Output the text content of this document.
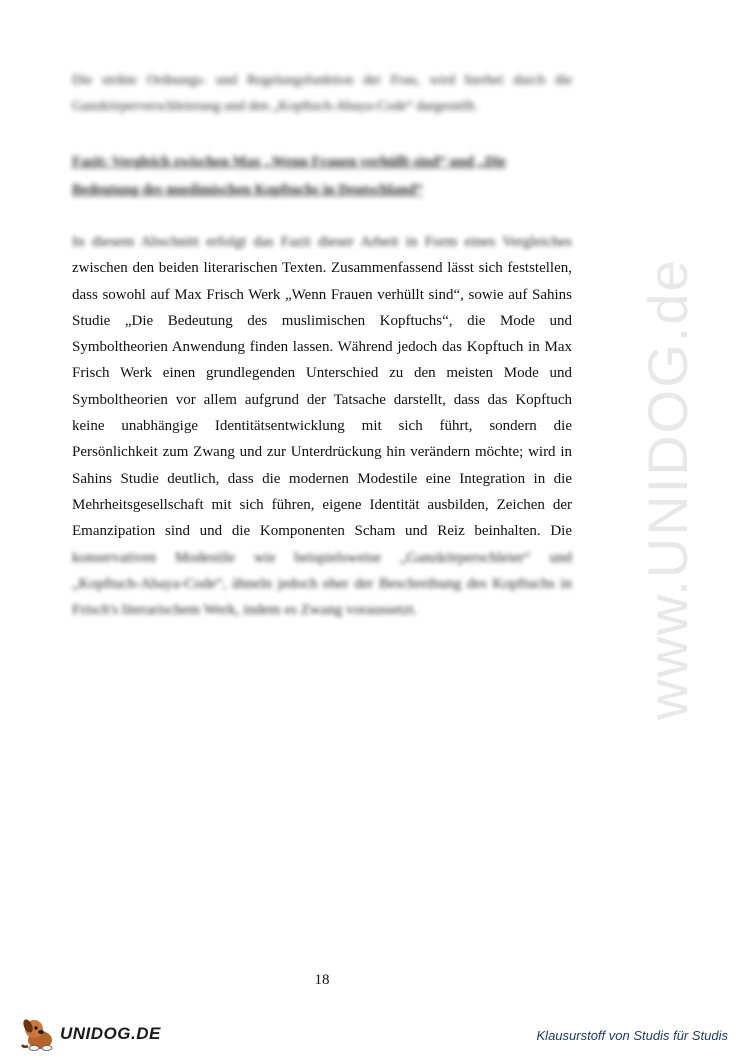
Die strikte Ordnungs- und Regelungsfunktion der Frau, wird hierbei durch die Ganzkörperverschleierung und den „Kopftuch-Abaya-Code“ dargestellt.

Fazit: Vergleich zwischen Max „Wenn Frauen verhüllt sind“ und „Die
Bedeutung des muslimischen Kopftuchs in Deutschland“
In diesem Abschnitt erfolgt das Fazit dieser Arbeit in Form eines Vergleiches
zwischen den beiden literarischen Texten. Zusammenfassend lässt sich feststellen,
dass sowohl auf Max Frisch Werk „Wenn Frauen verhüllt sind“, sowie auf Sahins
Studie „Die Bedeutung des muslimischen Kopftuchs“, die Mode und
Symboltheorien Anwendung finden lassen. Während jedoch das Kopftuch in Max
Frisch Werk einen grundlegenden Unterschied zu den meisten Mode und
Symboltheorien vor allem aufgrund der Tatsache darstellt, dass das Kopftuch
keine unabhängige Identitätsentwicklung mit sich führt, sondern die
Persönlichkeit zum Zwang und zur Unterdrückung hin verändern möchte; wird in
Sahins Studie deutlich, dass die modernen Modestile eine Integration in die
Mehrheitsgesellschaft mit sich führen, eigene Identität ausbilden, Zeichen der
Emanzipation sind und die Komponenten Scham und Reiz beinhalten. Die
konservativen Modestile wie beispielsweise „Ganzkörperschleier“ und
„Kopftuch-Abaya-Code“, ähneln jedoch eher der Beschreibung des Kopftuchs in
Frisch's literarischem Werk, indem es Zwang voraussetzt.	www.UNIDOG.de
18
UNIDOG.DE	Klausurstoff von Studis für Studis
